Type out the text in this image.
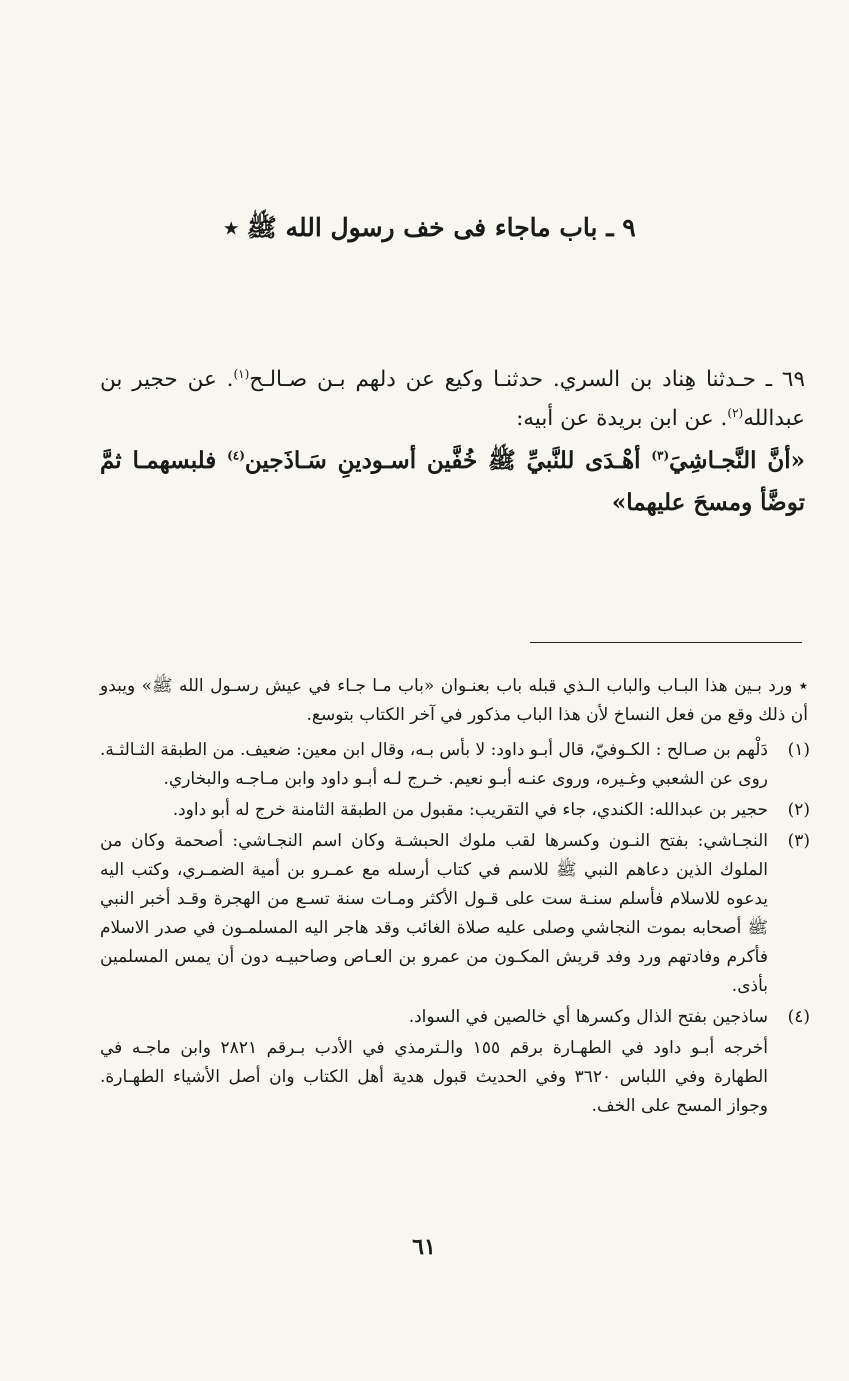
٩ ـ باب ماجاء فى خف رسول الله ﷺ ٭

٦٩ ـ حـدثنا هِناد بن السري. حدثنـا وكيع عن دلهم بـن صـالـح$^{(١)}$. عن حجير بن عبدالله$^{(٢)}$. عن ابن بريدة عن أبيه:

«أنَّ النَّجـاشِيَ$^{(٣)}$ أهْـدَى للنَّبيِّ ﷺ خُفَّين أسـودينِ سَـاذَجين$^{(٤)}$ فلبسهمـا ثمَّ توضَّأ ومسحَ عليهما»

٭ ورد بـين هذا البـاب والباب الـذي قبله باب بعنـوان «باب مـا جـاء في عيش رسـول الله ﷺ» ويبدو أن ذلك وقع من فعل النساخ لأن هذا الباب مذكور في آخر الكتاب بتوسع.

(١)
دَلْهم بن صـالح : الكـوفيّ، قال أبـو داود: لا بأس بـه، وقال ابن معين: ضعيف. من الطبقة الثـالثـة. روى عن الشعبي وغـيره، وروى عنـه أبـو نعيم. خـرج لـه أبـو داود وابن مـاجـه والبخاري.
(٢)
حجير بن عبدالله: الكندي، جاء في التقريب: مقبول من الطبقة الثامنة خرج له أبو داود.
(٣)
النجـاشي: بفتح النـون وكسرها لقب ملوك الحبشـة وكان اسم النجـاشي: أصحمة وكان من الملوك الذين دعاهم النبي ﷺ للاسم في كتاب أرسله مع عمـرو بن أمية الضمـري، وكتب اليه يدعوه للاسلام فأسلم سنـة ست على قـول الأكثر ومـات سنة تسـع من الهجرة وقـد أخبر النبي ﷺ أصحابه بموت النجاشي وصلى عليه صلاة الغائب وقد هاجر اليه المسلمـون في صدر الاسلام فأكرم وفادتهم ورد وفد قريش المكـون من عمرو بن العـاص وصاحبيـه دون أن يمس المسلمين بأذى.
(٤)
ساذجين بفتح الذال وكسرها أي خالصين في السواد.

أخرجه أبـو داود في الطهـارة برقم ١٥٥ والـترمذي في الأدب بـرقم ٢٨٢١ وابن ماجـه في الطهارة وفي اللباس ٣٦٢٠ وفي الحديث قبول هدية أهل الكتاب وان أصل الأشياء الطهـارة. وجواز المسح على الخف.

٦١
